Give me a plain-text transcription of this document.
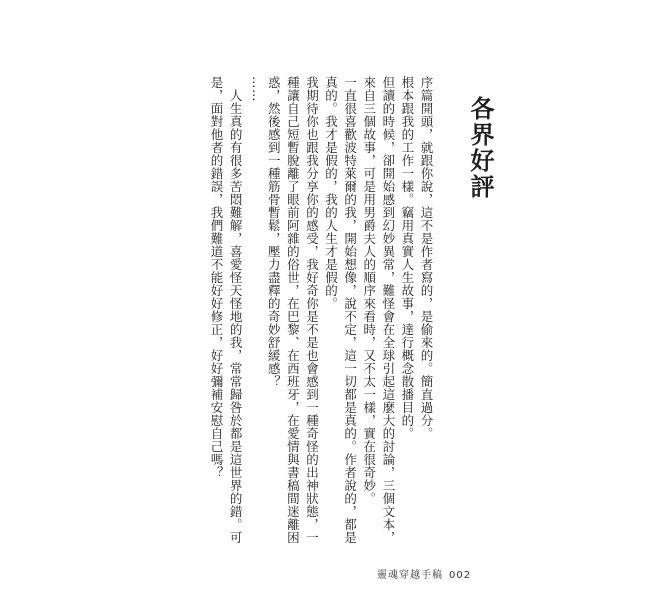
各界好評

序篇開頭，就跟你說，這不是作者寫的，是偷來的。簡直過分。

根本跟我的工作一樣。竊用真實人生故事，達行概念散播目的。

但讀的時候，卻開始感到幻妙異常，難怪會在全球引起這麼大的討論，三個文本，來自三個故事，可是用男爵夫人的順序來看時，又不太一樣，實在很奇妙。

一直很喜歡波特萊爾的我，開始想像，說不定，這一切都是真的。作者說的，都是真的。我才是假的，我的人生才是假的。

我期待你也跟我分享你的感受，我好奇你是不是也會感到一種奇怪的出神狀態，一種讓自己短暫脫離了眼前阿雜的俗世，在巴黎、在西班牙，在愛情與書稿間迷離困惑，然後感到一種筋骨暫鬆，壓力盡釋的奇妙舒緩感？

⋯⋯

人生真的有很多苦悶難解，喜愛怪天怪地的我，常常歸咎於都是這世界的錯。可是，面對他者的錯誤，我們難道不能好好修正，好好彌補安慰自己嗎？

靈魂穿越手稿 002
